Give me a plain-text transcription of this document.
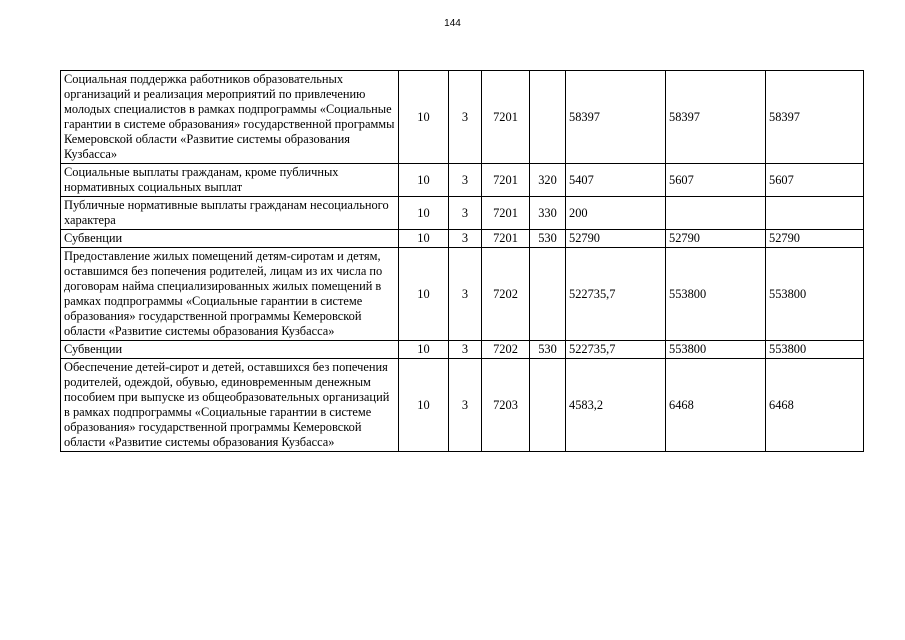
144
Социальная поддержка работников образовательных организаций и реализация мероприятий по привлечению молодых специалистов в рамках подпрограммы «Социальные гарантии в системе образования» государственной программы Кемеровской области «Развитие системы образования Кузбасса»	10	3	7201		58397	58397	58397
Социальные выплаты гражданам, кроме публичных нормативных социальных выплат	10	3	7201	320	5407	5607	5607
Публичные нормативные выплаты гражданам несоциального характера	10	3	7201	330	200		
Субвенции	10	3	7201	530	52790	52790	52790
Предоставление жилых помещений детям-сиротам и детям, оставшимся без попечения родителей, лицам из их числа по договорам найма специализированных жилых помещений в рамках подпрограммы «Социальные гарантии в системе образования» государственной программы Кемеровской области «Развитие системы образования Кузбасса»	10	3	7202		522735,7	553800	553800
Субвенции	10	3	7202	530	522735,7	553800	553800
Обеспечение детей-сирот и детей, оставшихся без попечения родителей, одеждой, обувью, единовременным денежным пособием при выпуске из общеобразовательных организаций в рамках подпрограммы «Социальные гарантии в системе образования» государственной программы Кемеровской области «Развитие системы образования Кузбасса»	10	3	7203		4583,2	6468	6468
